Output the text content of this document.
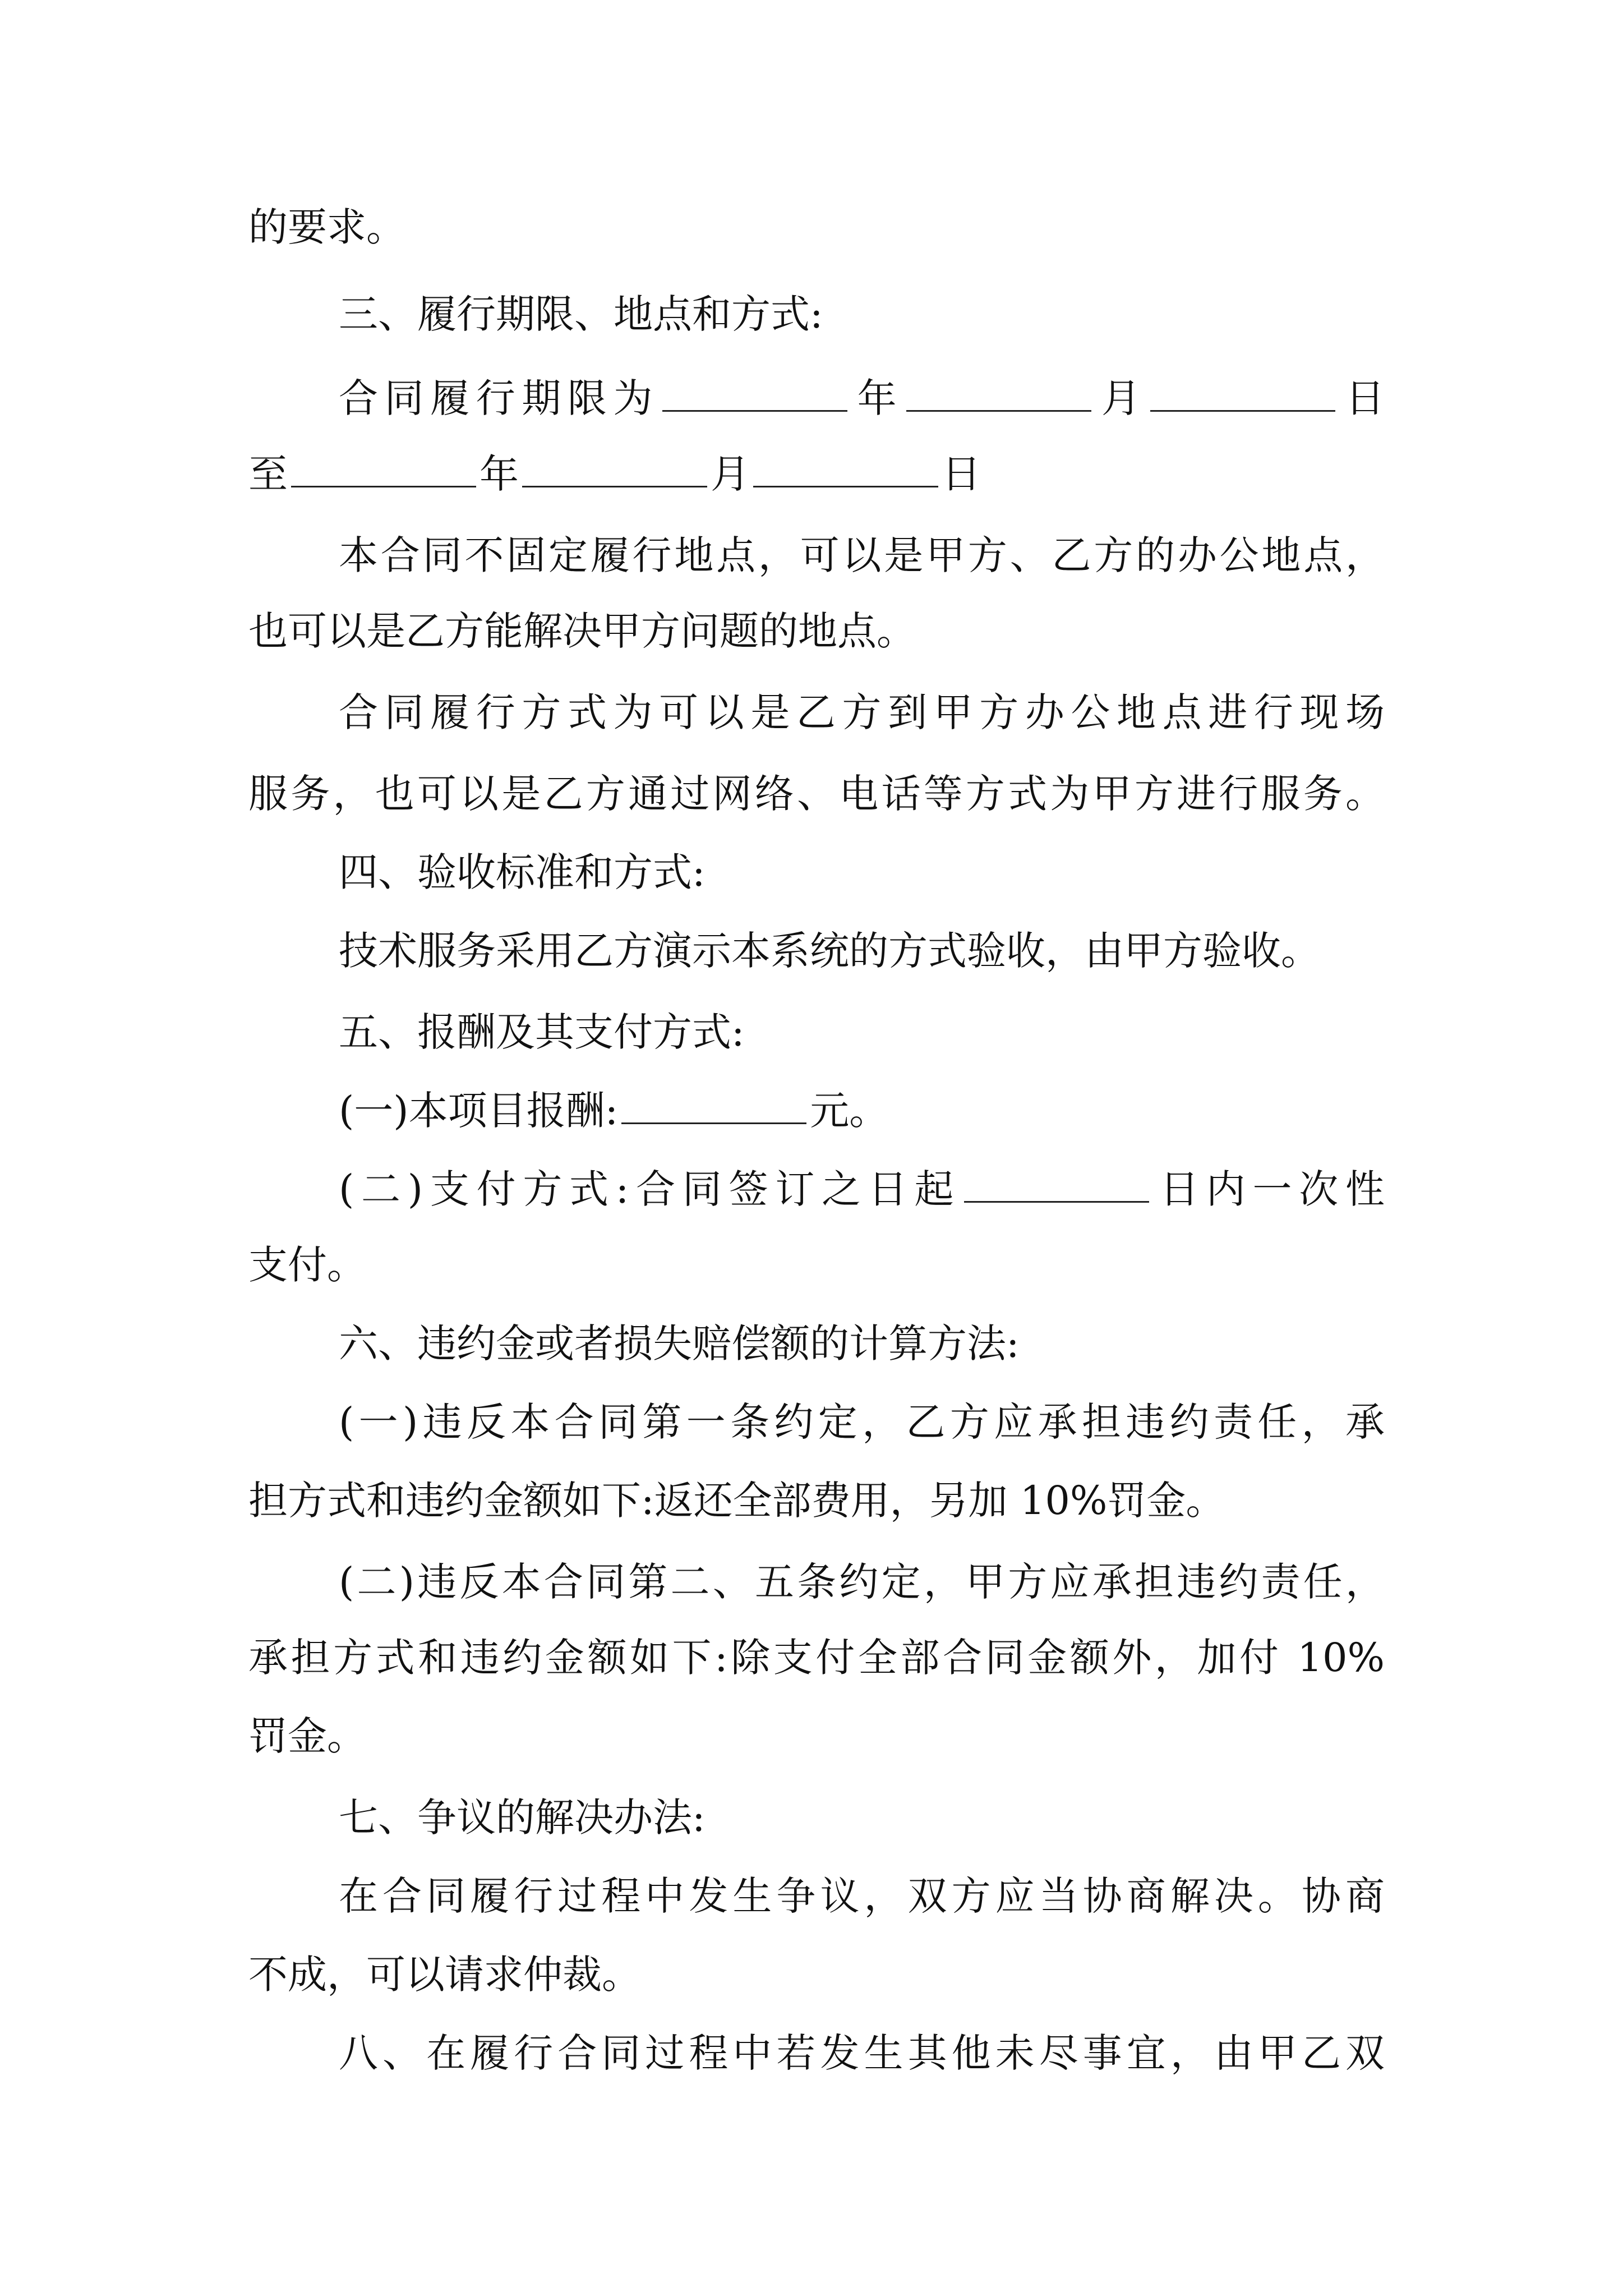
的要求。
三、履行期限、地点和方式:
合同履行期限为	年	月	日
至	年	月	日
本合同不固定履行地点，可以是甲方、乙方的办公地点，
也可以是乙方能解决甲方问题的地点。
合同履行方式为可以是乙方到甲方办公地点进行现场
服务，也可以是乙方通过网络、电话等方式为甲方进行服务。
四、验收标准和方式:
技术服务采用乙方演示本系统的方式验收，由甲方验收。
五、报酬及其支付方式:
(一)本项目报酬:	元。
(二)支付方式:合同签订之日起	日内一次性
支付。
六、违约金或者损失赔偿额的计算方法:
(一)违反本合同第一条约定，乙方应承担违约责任，承
担方式和违约金额如下:返还全部费用，另加 10%罚金。
(二)违反本合同第二、五条约定，甲方应承担违约责任，
承担方式和违约金额如下:除支付全部合同金额外，加付 10%
罚金。
七、争议的解决办法:
在合同履行过程中发生争议，双方应当协商解决。协商
不成，可以请求仲裁。
八、在履行合同过程中若发生其他未尽事宜，由甲乙双
